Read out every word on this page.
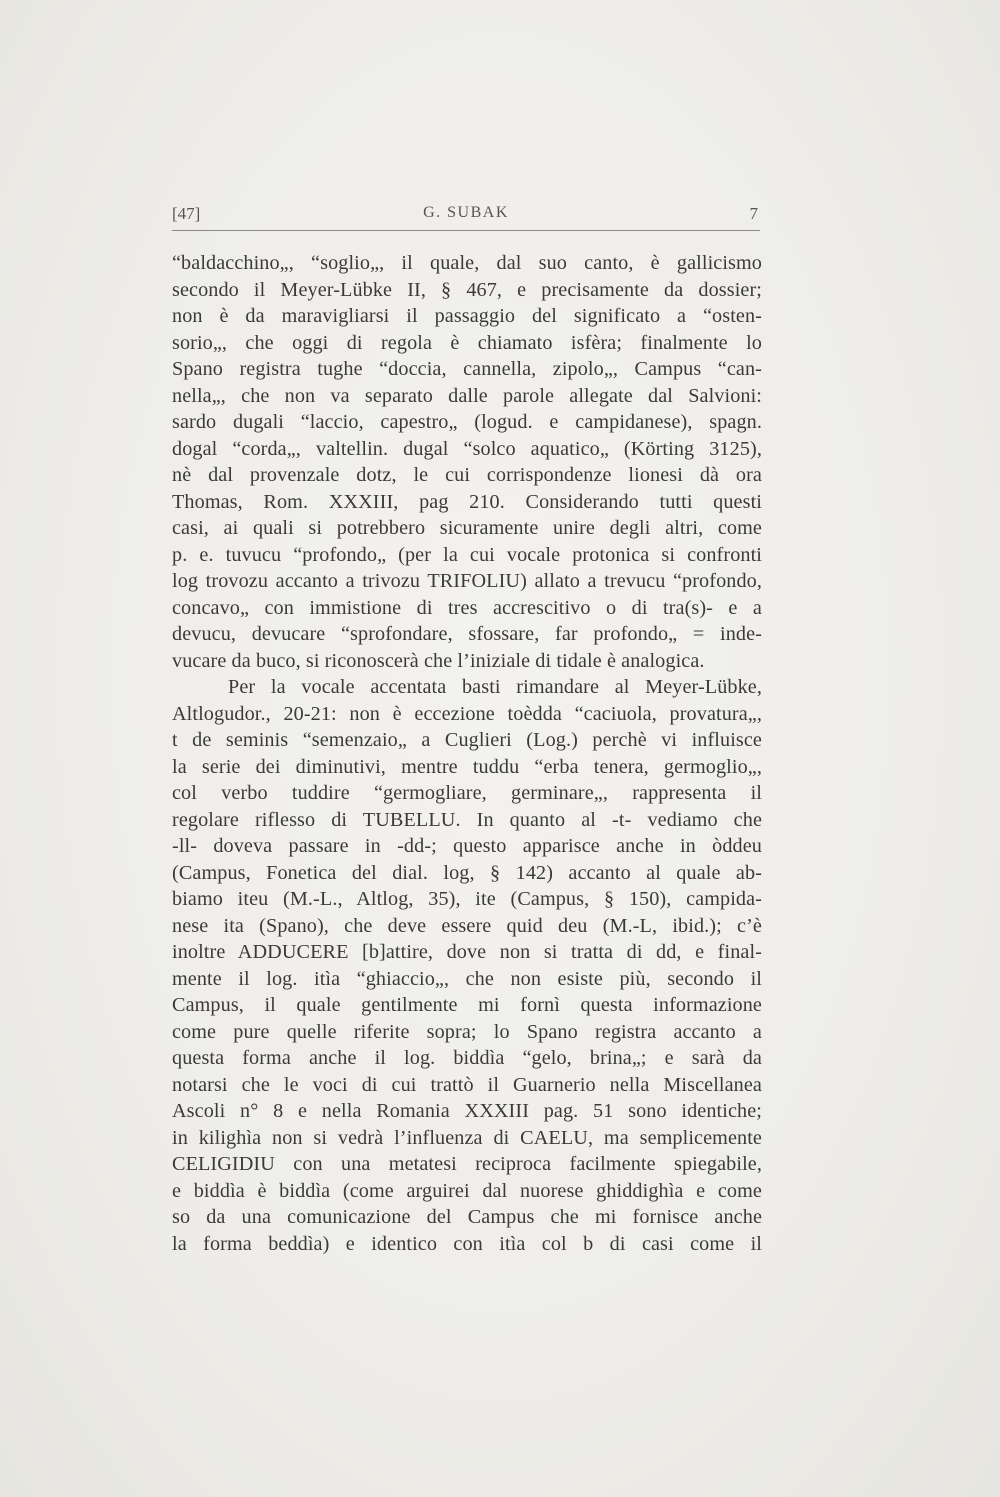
[47]	G. SUBAK	7
“baldacchino„, “soglio„, il quale, dal suo canto, è gallicismo
secondo il Meyer-Lübke II, § 467, e precisamente da dossier;
non è da maravigliarsi il passaggio del significato a “osten-
sorio„, che oggi di regola è chiamato isfèra; finalmente lo
Spano registra tughe “doccia, cannella, zipolo„, Campus “can-
nella„, che non va separato dalle parole allegate dal Salvioni:
sardo dugali “laccio, capestro„ (logud. e campidanese), spagn.
dogal “corda„, valtellin. dugal “solco aquatico„ (Körting 3125),
nè dal provenzale dotz, le cui corrispondenze lionesi dà ora
Thomas, Rom. XXXIII, pag 210. Considerando tutti questi
casi, ai quali si potrebbero sicuramente unire degli altri, come
p. e. tuvucu “profondo„ (per la cui vocale protonica si confronti
log trovozu accanto a trivozu TRIFOLIU) allato a trevucu “profondo,
concavo„ con immistione di tres accrescitivo o di tra(s)- e a
devucu, devucare “sprofondare, sfossare, far profondo„ = inde-
vucare da buco, si riconoscerà che l’iniziale di tidale è analogica.
Per la vocale accentata basti rimandare al Meyer-Lübke,
Altlogudor., 20-21: non è eccezione toèdda “caciuola, provatura„,
t de seminis “semenzaio„ a Cuglieri (Log.) perchè vi influisce
la serie dei diminutivi, mentre tuddu “erba tenera, germoglio„,
col verbo tuddire “germogliare, germinare„, rappresenta il
regolare riflesso di TUBELLU. In quanto al -t- vediamo che
-ll- doveva passare in -dd-; questo apparisce anche in òddeu
(Campus, Fonetica del dial. log, § 142) accanto al quale ab-
biamo iteu (M.-L., Altlog, 35), ite (Campus, § 150), campida-
nese ita (Spano), che deve essere quid deu (M.-L, ibid.); c’è
inoltre ADDUCERE [b]attire, dove non si tratta di dd, e final-
mente il log. itìa “ghiaccio„, che non esiste più, secondo il
Campus, il quale gentilmente mi fornì questa informazione
come pure quelle riferite sopra; lo Spano registra accanto a
questa forma anche il log. biddìa “gelo, brina„; e sarà da
notarsi che le voci di cui trattò il Guarnerio nella Miscellanea
Ascoli n° 8 e nella Romania XXXIII pag. 51 sono identiche;
in kilighìa non si vedrà l’influenza di CAELU, ma semplicemente
CELIGIDIU con una metatesi reciproca facilmente spiegabile,
e biddìa è biddìa (come arguirei dal nuorese ghiddighìa e come
so da una comunicazione del Campus che mi fornisce anche
la forma beddìa) e identico con itìa col b di casi come il
